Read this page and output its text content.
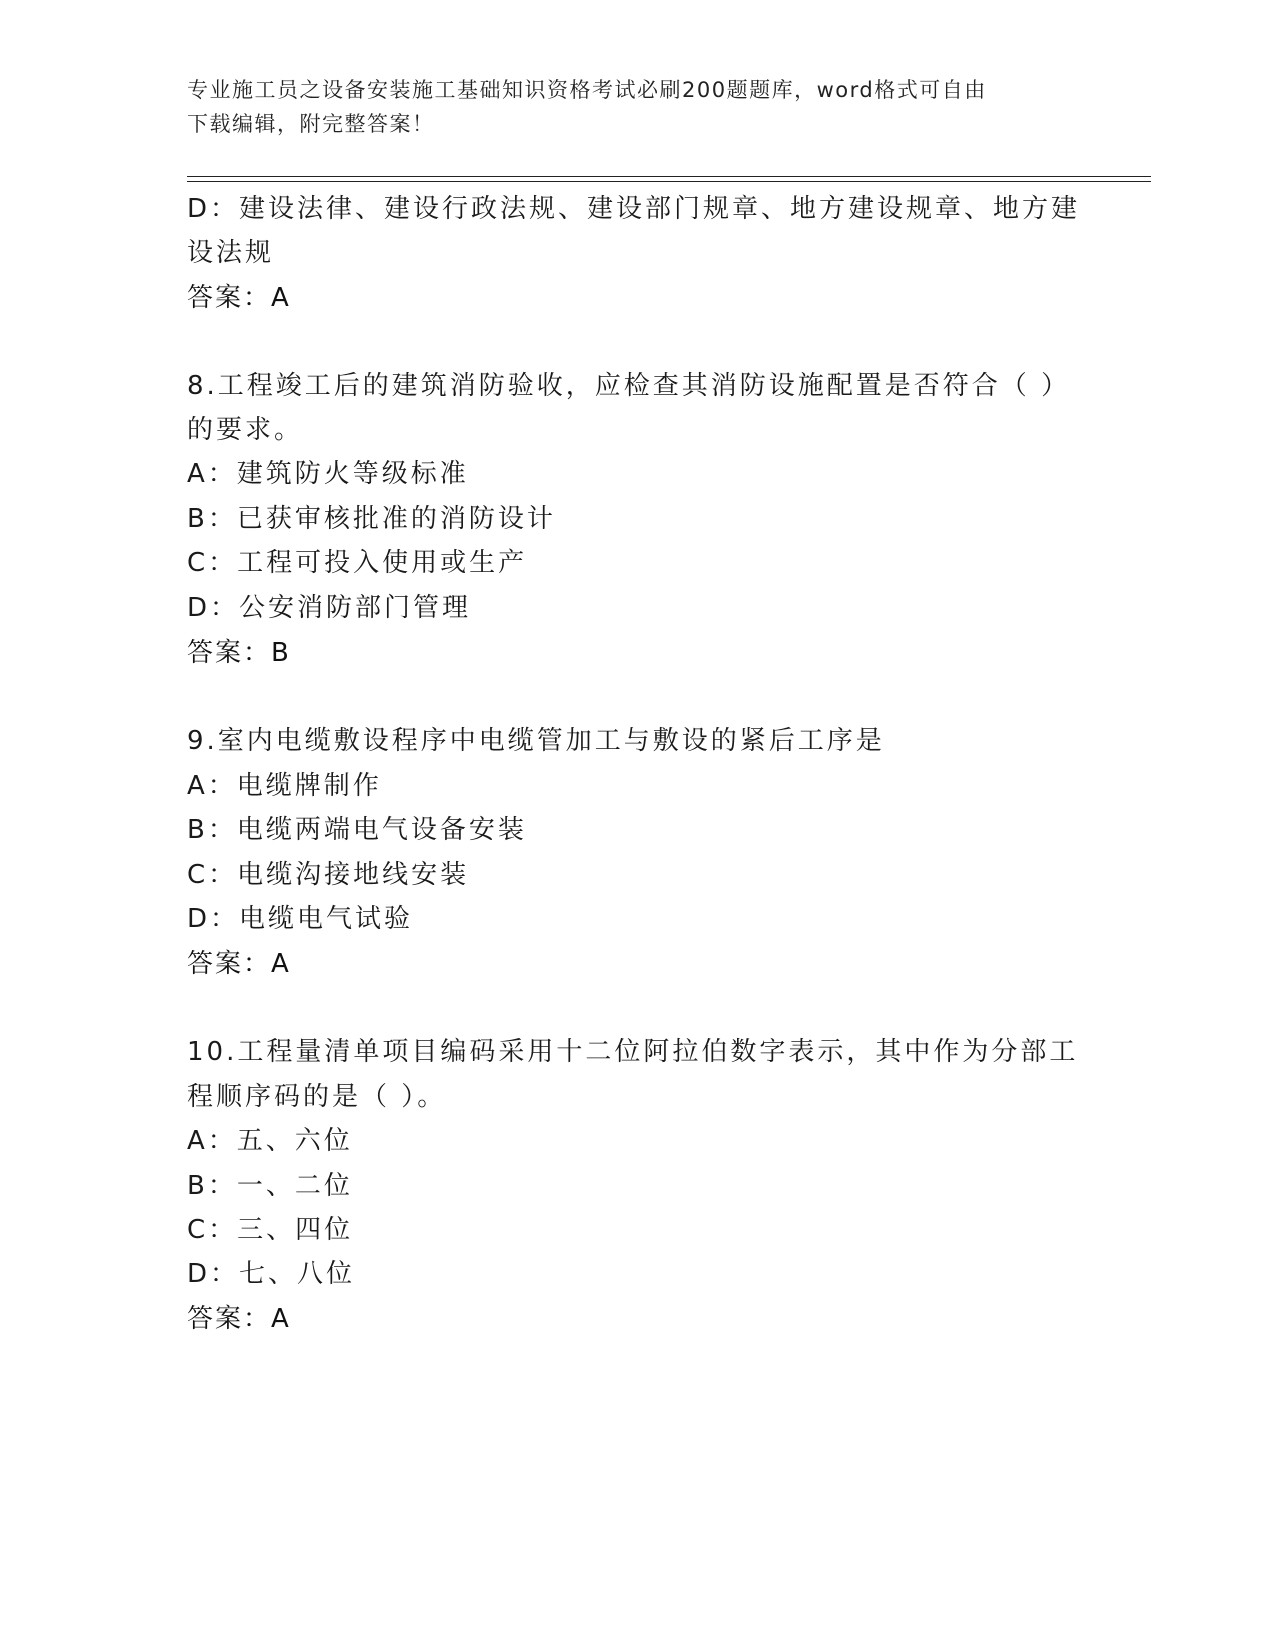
专业施工员之设备安装施工基础知识资格考试必刷200题题库，word格式可自由
下载编辑，附完整答案！
D：建设法律、建设行政法规、建设部门规章、地方建设规章、地方建
设法规
答案：A
8.工程竣工后的建筑消防验收，应检查其消防设施配置是否符合（ ）
的要求。
A：建筑防火等级标准
B：已获审核批准的消防设计
C：工程可投入使用或生产
D：公安消防部门管理
答案：B
9.室内电缆敷设程序中电缆管加工与敷设的紧后工序是
A：电缆牌制作
B：电缆两端电气设备安装
C：电缆沟接地线安装
D：电缆电气试验
答案：A
10.工程量清单项目编码采用十二位阿拉伯数字表示，其中作为分部工
程顺序码的是（ ）。
A：五、六位
B：一、二位
C：三、四位
D：七、八位
答案：A
